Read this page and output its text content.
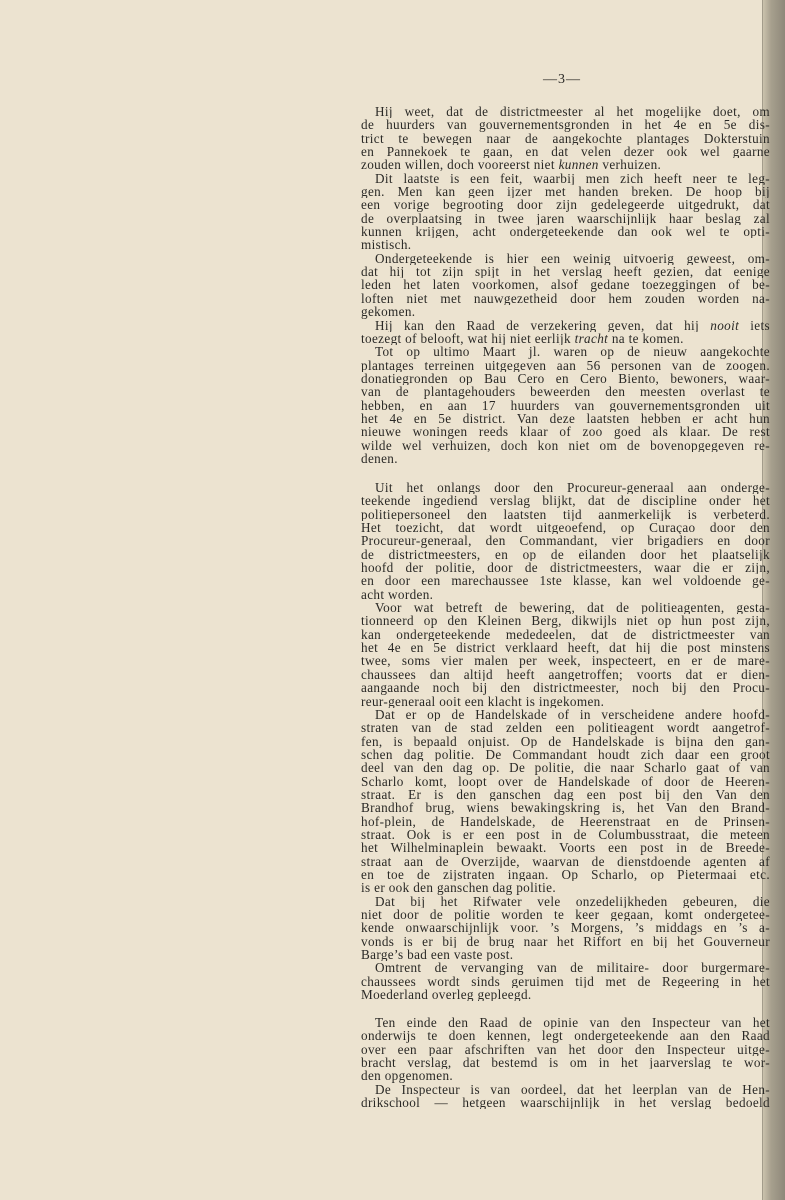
—3—
Hij weet, dat de districtmeester al het mogelijke doet, om
de huurders van gouvernementsgronden in het 4e en 5e dis-
trict te bewegen naar de aangekochte plantages Dokterstuin
en Pannekoek te gaan, en dat velen dezer ook wel gaarne
zouden willen, doch vooreerst niet kunnen verhuizen.
Dit laatste is een feit, waarbij men zich heeft neer te leg-
gen. Men kan geen ijzer met handen breken. De hoop bij
een vorige begrooting door zijn gedelegeerde uitgedrukt, dat
de overplaatsing in twee jaren waarschijnlijk haar beslag zal
kunnen krijgen, acht ondergeteekende dan ook wel te opti-
mistisch.
Ondergeteekende is hier een weinig uitvoerig geweest, om-
dat hij tot zijn spijt in het verslag heeft gezien, dat eenige
leden het laten voorkomen, alsof gedane toezeggingen of be-
loften niet met nauwgezetheid door hem zouden worden na-
gekomen.
Hij kan den Raad de verzekering geven, dat hij nooit iets
toezegt of belooft, wat hij niet eerlijk tracht na te komen.
Tot op ultimo Maart jl. waren op de nieuw aangekochte
plantages terreinen uitgegeven aan 56 personen van de zoogen.
donatiegronden op Bau Cero en Cero Biento, bewoners, waar-
van de plantagehouders beweerden den meesten overlast te
hebben, en aan 17 huurders van gouvernementsgronden uit
het 4e en 5e district. Van deze laatsten hebben er acht hun
nieuwe woningen reeds klaar of zoo goed als klaar. De rest
wilde wel verhuizen, doch kon niet om de bovenopgegeven re-
denen.
Uit het onlangs door den Procureur-generaal aan onderge-
teekende ingediend verslag blijkt, dat de discipline onder het
politiepersoneel den laatsten tijd aanmerkelijk is verbeterd.
Het toezicht, dat wordt uitgeoefend, op Curaçao door den
Procureur-generaal, den Commandant, vier brigadiers en door
de districtmeesters, en op de eilanden door het plaatselijk
hoofd der politie, door de districtmeesters, waar die er zijn,
en door een marechaussee 1ste klasse, kan wel voldoende ge-
acht worden.
Voor wat betreft de bewering, dat de politieagenten, gesta-
tionneerd op den Kleinen Berg, dikwijls niet op hun post zijn,
kan ondergeteekende mededeelen, dat de districtmeester van
het 4e en 5e district verklaard heeft, dat hij die post minstens
twee, soms vier malen per week, inspecteert, en er de mare-
chaussees dan altijd heeft aangetroffen; voorts dat er dien-
aangaande noch bij den districtmeester, noch bij den Procu-
reur-generaal ooit een klacht is ingekomen.
Dat er op de Handelskade of in verscheidene andere hoofd-
straten van de stad zelden een politieagent wordt aangetrof-
fen, is bepaald onjuist. Op de Handelskade is bijna den gan-
schen dag politie. De Commandant houdt zich daar een groot
deel van den dag op. De politie, die naar Scharlo gaat of van
Scharlo komt, loopt over de Handelskade of door de Heeren-
straat. Er is den ganschen dag een post bij den Van den
Brandhof brug, wiens bewakingskring is, het Van den Brand-
hof-plein, de Handelskade, de Heerenstraat en de Prinsen-
straat. Ook is er een post in de Columbusstraat, die meteen
het Wilhelminaplein bewaakt. Voorts een post in de Breede-
straat aan de Overzijde, waarvan de dienstdoende agenten af
en toe de zijstraten ingaan. Op Scharlo, op Pietermaai etc.
is er ook den ganschen dag politie.
Dat bij het Rifwater vele onzedelijkheden gebeuren, die
niet door de politie worden te keer gegaan, komt ondergetee-
kende onwaarschijnlijk voor. ’s Morgens, ’s middags en ’s a-
vonds is er bij de brug naar het Riffort en bij het Gouverneur
Barge’s bad een vaste post.
Omtrent de vervanging van de militaire- door burgermare-
chaussees wordt sinds geruimen tijd met de Regeering in het
Moederland overleg gepleegd.
Ten einde den Raad de opinie van den Inspecteur van het
onderwijs te doen kennen, legt ondergeteekende aan den Raad
over een paar afschriften van het door den Inspecteur uitge-
bracht verslag, dat bestemd is om in het jaarverslag te wor-
den opgenomen.
De Inspecteur is van oordeel, dat het leerplan van de Hen-
drikschool — hetgeen waarschijnlijk in het verslag bedoeld
